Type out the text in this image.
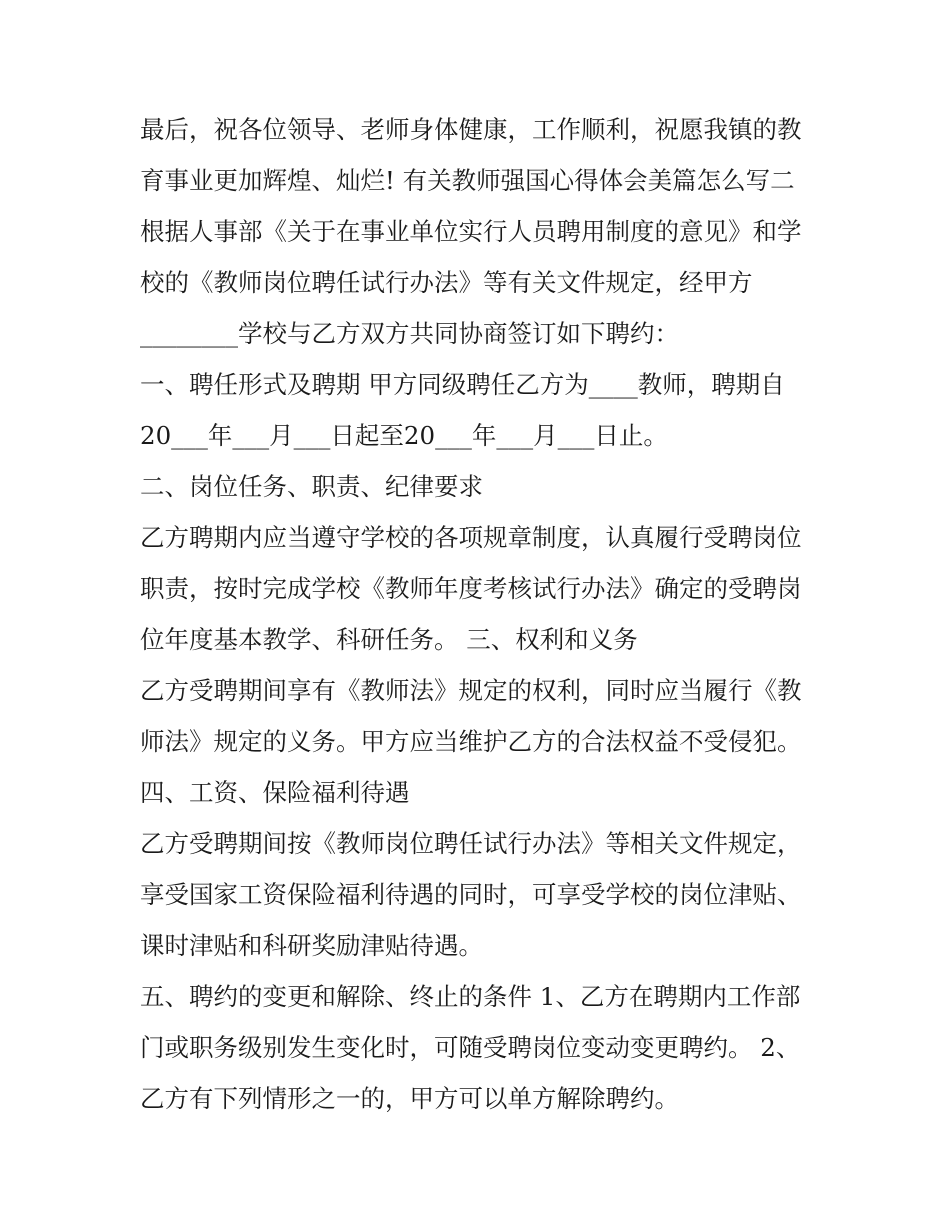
最后，祝各位领导、老师身体健康，工作顺利，祝愿我镇的教
育事业更加辉煌、灿烂! 有关教师强国心得体会美篇怎么写二
根据人事部《关于在事业单位实行人员聘用制度的意见》和学
校的《教师岗位聘任试行办法》等有关文件规定，经甲方
________学校与乙方双方共同协商签订如下聘约：
一、聘任形式及聘期 甲方同级聘任乙方为____教师，聘期自
20___年___月___日起至20___年___月___日止。
二、岗位任务、职责、纪律要求
乙方聘期内应当遵守学校的各项规章制度，认真履行受聘岗位
职责，按时完成学校《教师年度考核试行办法》确定的受聘岗
位年度基本教学、科研任务。 三、权利和义务
乙方受聘期间享有《教师法》规定的权利，同时应当履行《教
师法》规定的义务。甲方应当维护乙方的合法权益不受侵犯。
四、工资、保险福利待遇
乙方受聘期间按《教师岗位聘任试行办法》等相关文件规定，
享受国家工资保险福利待遇的同时，可享受学校的岗位津贴、
课时津贴和科研奖励津贴待遇。
五、聘约的变更和解除、终止的条件 1、乙方在聘期内工作部
门或职务级别发生变化时，可随受聘岗位变动变更聘约。 2、
乙方有下列情形之一的，甲方可以单方解除聘约。
